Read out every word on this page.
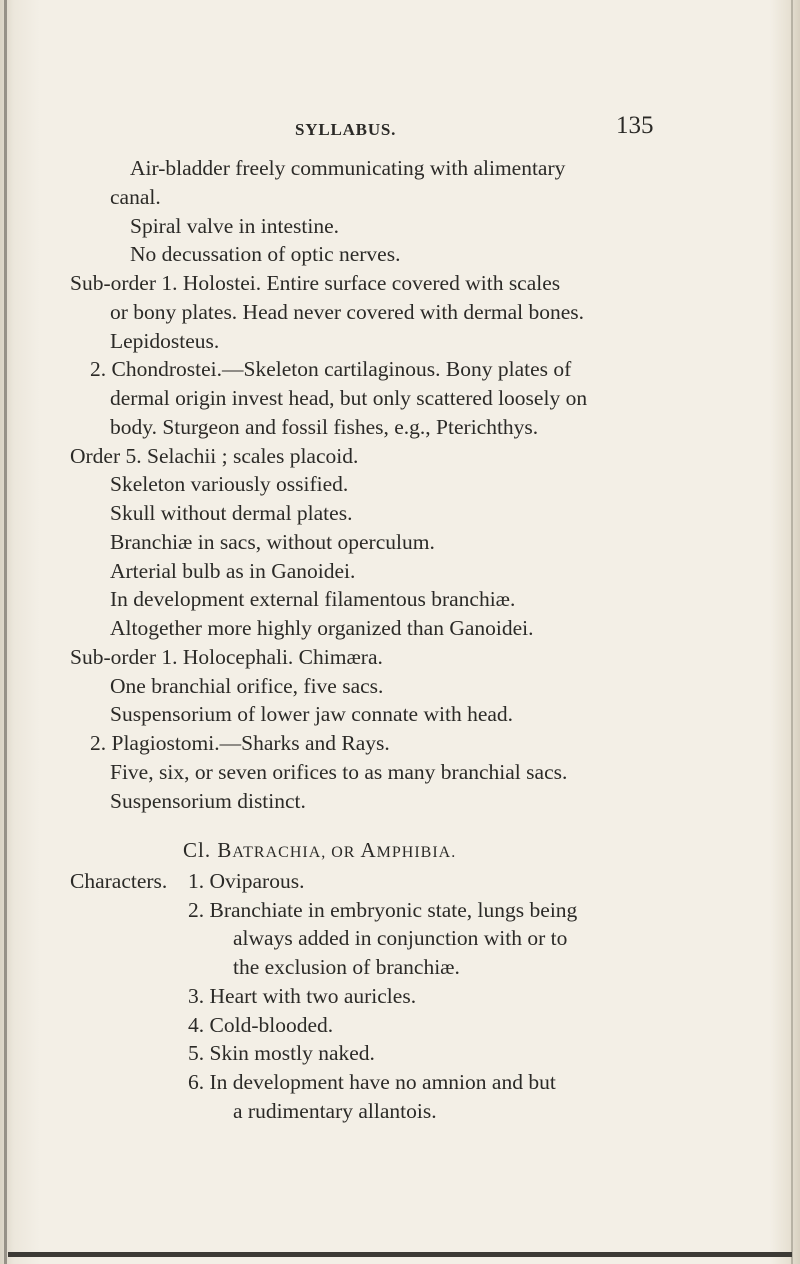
SYLLABUS.	135
Air-bladder freely communicating with alimentary
canal.
Spiral valve in intestine.
No decussation of optic nerves.
Sub-order 1. Holostei. Entire surface covered with scales
or bony plates. Head never covered with dermal bones.
Lepidosteus.
2. Chondrostei.—Skeleton cartilaginous. Bony plates of
dermal origin invest head, but only scattered loosely on
body. Sturgeon and fossil fishes, e.g., Pterichthys.
Order 5. Selachii ; scales placoid.
Skeleton variously ossified.
Skull without dermal plates.
Branchiæ in sacs, without operculum.
Arterial bulb as in Ganoidei.
In development external filamentous branchiæ.
Altogether more highly organized than Ganoidei.
Sub-order 1. Holocephali. Chimæra.
One branchial orifice, five sacs.
Suspensorium of lower jaw connate with head.
2. Plagiostomi.—Sharks and Rays.
Five, six, or seven orifices to as many branchial sacs.
Suspensorium distinct.
Cl. BATRACHIA, OR AMPHIBIA.
Characters. 1. Oviparous.
2. Branchiate in embryonic state, lungs being
always added in conjunction with or to
the exclusion of branchiæ.
3. Heart with two auricles.
4. Cold-blooded.
5. Skin mostly naked.
6. In development have no amnion and but
a rudimentary allantois.
